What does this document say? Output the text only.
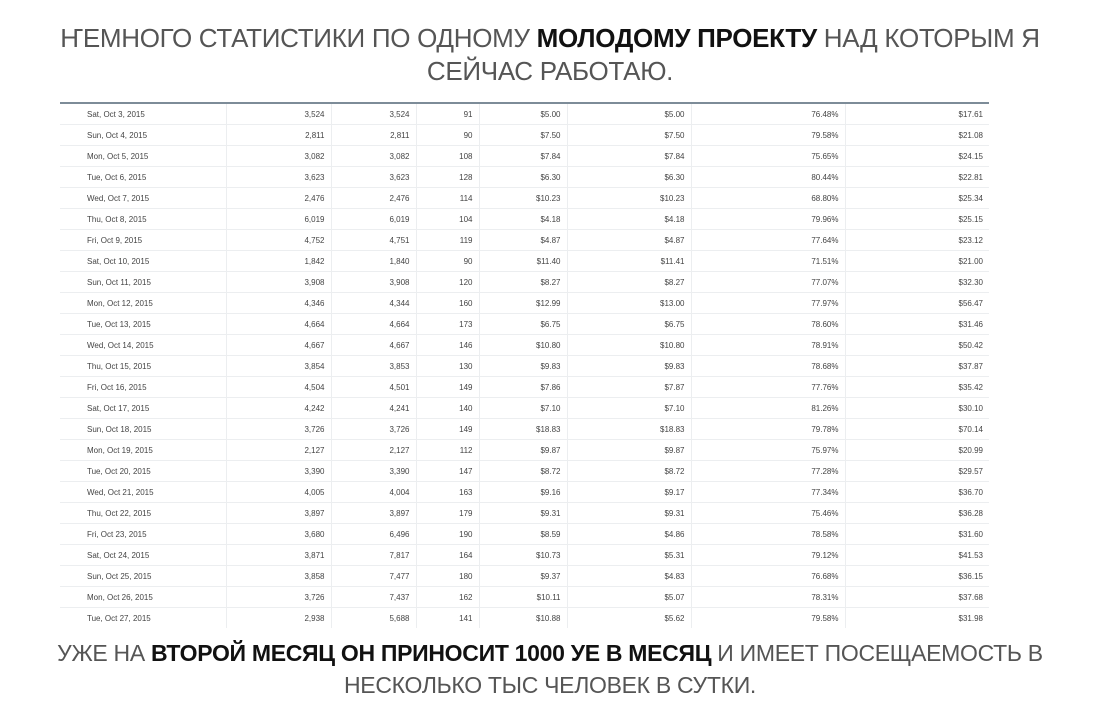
ҤЕМНОГО СТАТИСТИКИ ПО ОДНОМУ МОЛОДОМУ ПРОЕКТУ НАД КОТОРЫМ Я
СЕЙЧАС РАБОТАЮ.
Sat, Oct 3, 2015	3,524	3,524	91	$5.00	$5.00	76.48%	$17.61
Sun, Oct 4, 2015	2,811	2,811	90	$7.50	$7.50	79.58%	$21.08
Mon, Oct 5, 2015	3,082	3,082	108	$7.84	$7.84	75.65%	$24.15
Tue, Oct 6, 2015	3,623	3,623	128	$6.30	$6.30	80.44%	$22.81
Wed, Oct 7, 2015	2,476	2,476	114	$10.23	$10.23	68.80%	$25.34
Thu, Oct 8, 2015	6,019	6,019	104	$4.18	$4.18	79.96%	$25.15
Fri, Oct 9, 2015	4,752	4,751	119	$4.87	$4.87	77.64%	$23.12
Sat, Oct 10, 2015	1,842	1,840	90	$11.40	$11.41	71.51%	$21.00
Sun, Oct 11, 2015	3,908	3,908	120	$8.27	$8.27	77.07%	$32.30
Mon, Oct 12, 2015	4,346	4,344	160	$12.99	$13.00	77.97%	$56.47
Tue, Oct 13, 2015	4,664	4,664	173	$6.75	$6.75	78.60%	$31.46
Wed, Oct 14, 2015	4,667	4,667	146	$10.80	$10.80	78.91%	$50.42
Thu, Oct 15, 2015	3,854	3,853	130	$9.83	$9.83	78.68%	$37.87
Fri, Oct 16, 2015	4,504	4,501	149	$7.86	$7.87	77.76%	$35.42
Sat, Oct 17, 2015	4,242	4,241	140	$7.10	$7.10	81.26%	$30.10
Sun, Oct 18, 2015	3,726	3,726	149	$18.83	$18.83	79.78%	$70.14
Mon, Oct 19, 2015	2,127	2,127	112	$9.87	$9.87	75.97%	$20.99
Tue, Oct 20, 2015	3,390	3,390	147	$8.72	$8.72	77.28%	$29.57
Wed, Oct 21, 2015	4,005	4,004	163	$9.16	$9.17	77.34%	$36.70
Thu, Oct 22, 2015	3,897	3,897	179	$9.31	$9.31	75.46%	$36.28
Fri, Oct 23, 2015	3,680	6,496	190	$8.59	$4.86	78.58%	$31.60
Sat, Oct 24, 2015	3,871	7,817	164	$10.73	$5.31	79.12%	$41.53
Sun, Oct 25, 2015	3,858	7,477	180	$9.37	$4.83	76.68%	$36.15
Mon, Oct 26, 2015	3,726	7,437	162	$10.11	$5.07	78.31%	$37.68
Tue, Oct 27, 2015	2,938	5,688	141	$10.88	$5.62	79.58%	$31.98
УЖЕ НА ВТОРОЙ МЕСЯЦ ОН ПРИНОСИТ 1000 УЕ В МЕСЯЦ И ИМЕЕТ ПОСЕЩАЕМОСТЬ В
НЕСКОЛЬКО ТЫС ЧЕЛОВЕК В СУТКИ.
